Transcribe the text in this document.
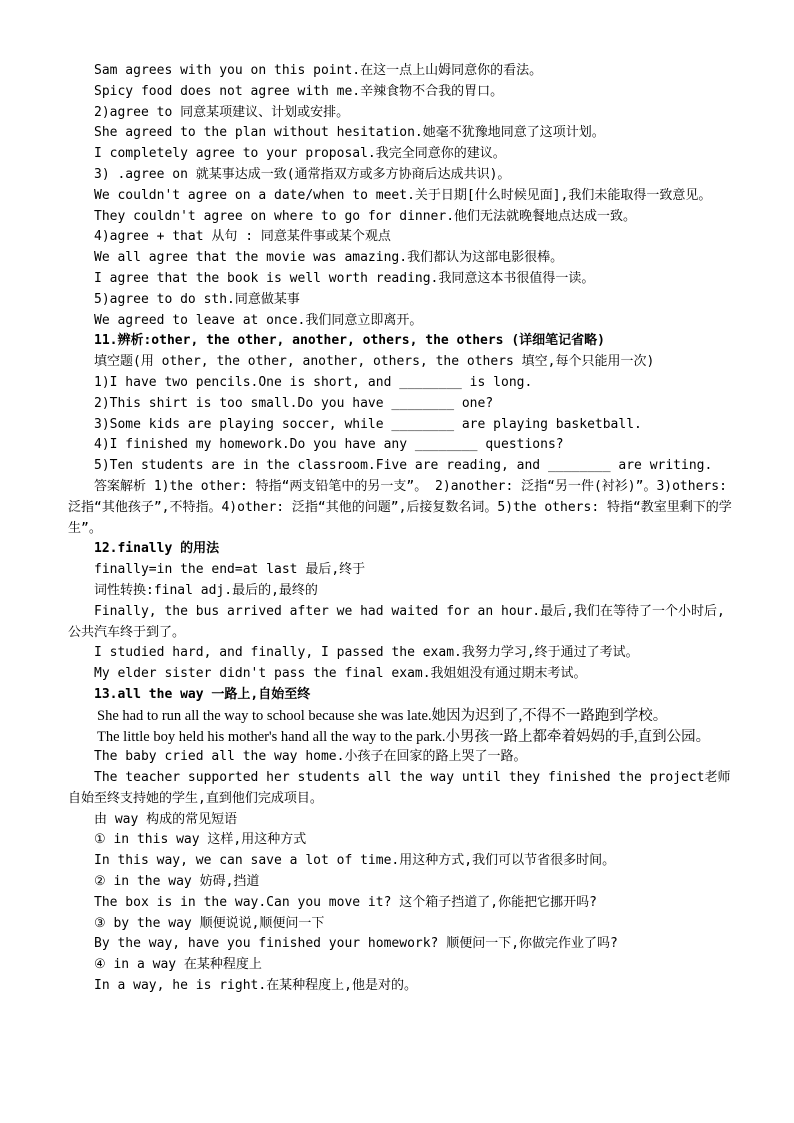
Sam agrees with you on this point.在这一点上山姆同意你的看法。

Spicy food does not agree with me.辛辣食物不合我的胃口。

2)agree to 同意某项建议、计划或安排。

She agreed to the plan without hesitation.她毫不犹豫地同意了这项计划。

I completely agree to your proposal.我完全同意你的建议。

3) .agree on 就某事达成一致(通常指双方或多方协商后达成共识)。

We couldn't agree on a date/when to meet.关于日期[什么时候见面],我们未能取得一致意见。

They couldn't agree on where to go for dinner.他们无法就晚餐地点达成一致。

4)agree + that 从句 : 同意某件事或某个观点

We all agree that the movie was amazing.我们都认为这部电影很棒。

I agree that the book is well worth reading.我同意这本书很值得一读。

5)agree to do sth.同意做某事

We agreed to leave at once.我们同意立即离开。

11.辨析:other, the other, another, others, the others (详细笔记省略)

填空题(用 other, the other, another, others, the others 填空,每个只能用一次)

1)I have two pencils.One is short, and ________ is long.

2)This shirt is too small.Do you have ________ one?

3)Some kids are playing soccer, while ________ are playing basketball.

4)I finished my homework.Do you have any ________ questions?

5)Ten students are in the classroom.Five are reading, and ________ are writing.

答案解析 1)the other: 特指“两支铅笔中的另一支”。 2)another: 泛指“另一件(衬衫)”。3)others: 泛指“其他孩子”,不特指。4)other: 泛指“其他的问题”,后接复数名词。5)the others: 特指“教室里剩下的学生”。

12.finally 的用法

finally=in the end=at last 最后,终于

词性转换:final adj.最后的,最终的

Finally, the bus arrived after we had waited for an hour.最后,我们在等待了一个小时后,公共汽车终于到了。

I studied hard, and finally, I passed the exam.我努力学习,终于通过了考试。

My elder sister didn't pass the final exam.我姐姐没有通过期末考试。

13.all the way 一路上,自始至终

She had to run all the way to school because she was late.她因为迟到了,不得不一路跑到学校。

The little boy held his mother's hand all the way to the park.小男孩一路上都牵着妈妈的手,直到公园。

The baby cried all the way home.小孩子在回家的路上哭了一路。

The teacher supported her students all the way until they finished the project老师自始至终支持她的学生,直到他们完成项目。

由 way 构成的常见短语

① in this way 这样,用这种方式

In this way, we can save a lot of time.用这种方式,我们可以节省很多时间。

② in the way 妨碍,挡道

The box is in the way.Can you move it? 这个箱子挡道了,你能把它挪开吗?

③ by the way 顺便说说,顺便问一下

By the way, have you finished your homework? 顺便问一下,你做完作业了吗?

④ in a way 在某种程度上

In a way, he is right.在某种程度上,他是对的。
